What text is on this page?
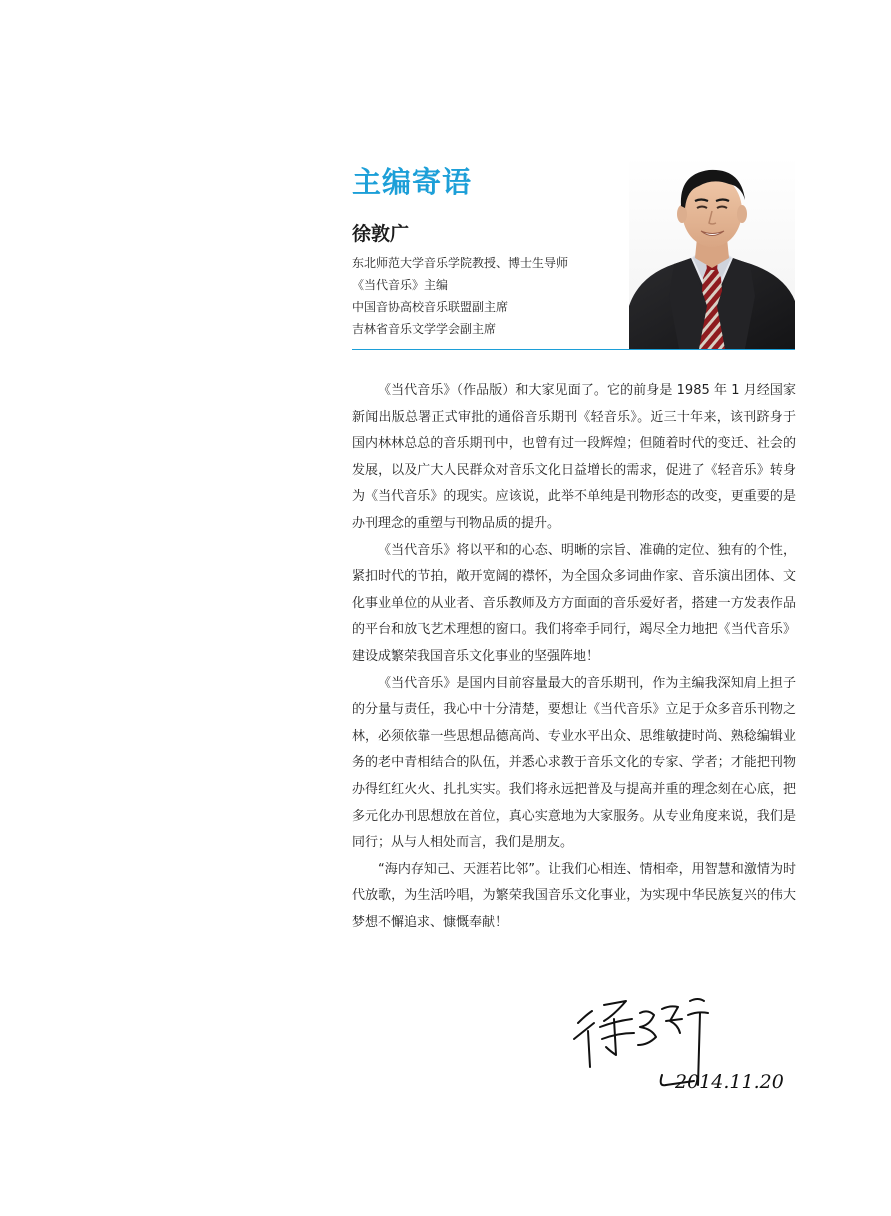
主编寄语
徐敦广
东北师范大学音乐学院教授、博士生导师
《当代音乐》主编
中国音协高校音乐联盟副主席
吉林省音乐文学学会副主席

《当代音乐》（作品版）和大家见面了。它的前身是 1985 年 1 月经国家新闻出版总署正式审批的通俗音乐期刊《轻音乐》。近三十年来，该刊跻身于国内林林总总的音乐期刊中，也曾有过一段辉煌；但随着时代的变迁、社会的发展，以及广大人民群众对音乐文化日益增长的需求，促进了《轻音乐》转身为《当代音乐》的现实。应该说，此举不单纯是刊物形态的改变，更重要的是办刊理念的重塑与刊物品质的提升。

《当代音乐》将以平和的心态、明晰的宗旨、准确的定位、独有的个性，紧扣时代的节拍，敞开宽阔的襟怀，为全国众多词曲作家、音乐演出团体、文化事业单位的从业者、音乐教师及方方面面的音乐爱好者，搭建一方发表作品的平台和放飞艺术理想的窗口。我们将牵手同行，竭尽全力地把《当代音乐》建设成繁荣我国音乐文化事业的坚强阵地！

《当代音乐》是国内目前容量最大的音乐期刊，作为主编我深知肩上担子的分量与责任，我心中十分清楚，要想让《当代音乐》立足于众多音乐刊物之林，必须依靠一些思想品德高尚、专业水平出众、思维敏捷时尚、熟稔编辑业务的老中青相结合的队伍，并悉心求教于音乐文化的专家、学者；才能把刊物办得红红火火、扎扎实实。我们将永远把普及与提高并重的理念刻在心底，把多元化办刊思想放在首位，真心实意地为大家服务。从专业角度来说，我们是同行；从与人相处而言，我们是朋友。

“海内存知己、天涯若比邻”。让我们心相连、情相牵，用智慧和激情为时代放歌，为生活吟唱，为繁荣我国音乐文化事业，为实现中华民族复兴的伟大梦想不懈追求、慷慨奉献！

2014.11.20
